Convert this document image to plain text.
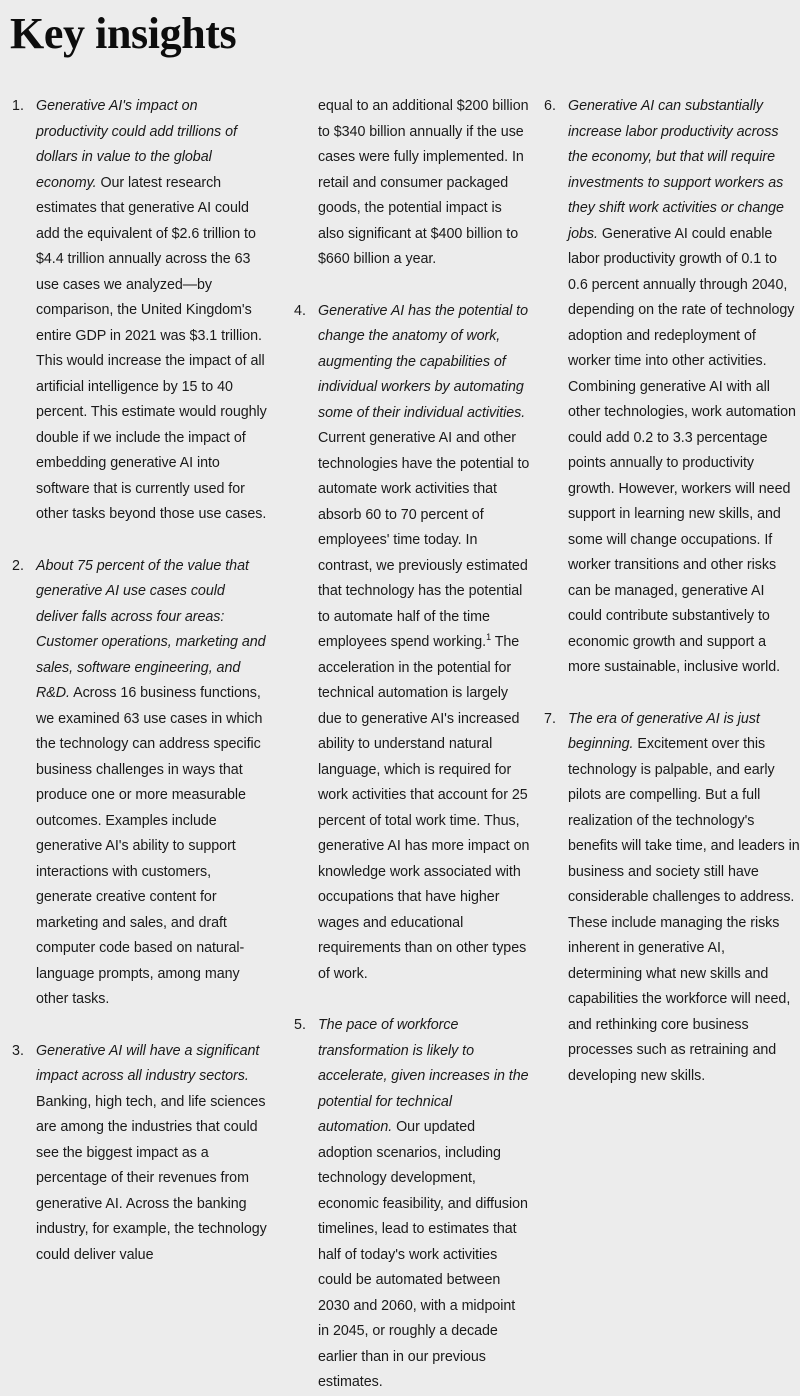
Key insights
1. Generative AI's impact on productivity could add trillions of dollars in value to the global economy. Our latest research estimates that generative AI could add the equivalent of $2.6 trillion to $4.4 trillion annually across the 63 use cases we analyzed—by comparison, the United Kingdom's entire GDP in 2021 was $3.1 trillion. This would increase the impact of all artificial intelligence by 15 to 40 percent. This estimate would roughly double if we include the impact of embedding generative AI into software that is currently used for other tasks beyond those use cases.
2. About 75 percent of the value that generative AI use cases could deliver falls across four areas: Customer operations, marketing and sales, software engineering, and R&D. Across 16 business functions, we examined 63 use cases in which the technology can address specific business challenges in ways that produce one or more measurable outcomes. Examples include generative AI's ability to support interactions with customers, generate creative content for marketing and sales, and draft computer code based on natural-language prompts, among many other tasks.
3. Generative AI will have a significant impact across all industry sectors. Banking, high tech, and life sciences are among the industries that could see the biggest impact as a percentage of their revenues from generative AI. Across the banking industry, for example, the technology could deliver value
equal to an additional $200 billion to $340 billion annually if the use cases were fully implemented. In retail and consumer packaged goods, the potential impact is also significant at $400 billion to $660 billion a year.
4. Generative AI has the potential to change the anatomy of work, augmenting the capabilities of individual workers by automating some of their individual activities. Current generative AI and other technologies have the potential to automate work activities that absorb 60 to 70 percent of employees' time today. In contrast, we previously estimated that technology has the potential to automate half of the time employees spend working.$^1$ The acceleration in the potential for technical automation is largely due to generative AI's increased ability to understand natural language, which is required for work activities that account for 25 percent of total work time. Thus, generative AI has more impact on knowledge work associated with occupations that have higher wages and educational requirements than on other types of work.
5. The pace of workforce transformation is likely to accelerate, given increases in the potential for technical automation. Our updated adoption scenarios, including technology development, economic feasibility, and diffusion timelines, lead to estimates that half of today's work activities could be automated between 2030 and 2060, with a midpoint in 2045, or roughly a decade earlier than in our previous estimates.
6. Generative AI can substantially increase labor productivity across the economy, but that will require investments to support workers as they shift work activities or change jobs. Generative AI could enable labor productivity growth of 0.1 to 0.6 percent annually through 2040, depending on the rate of technology adoption and redeployment of worker time into other activities. Combining generative AI with all other technologies, work automation could add 0.2 to 3.3 percentage points annually to productivity growth. However, workers will need support in learning new skills, and some will change occupations. If worker transitions and other risks can be managed, generative AI could contribute substantively to economic growth and support a more sustainable, inclusive world.
7. The era of generative AI is just beginning. Excitement over this technology is palpable, and early pilots are compelling. But a full realization of the technology's benefits will take time, and leaders in business and society still have considerable challenges to address. These include managing the risks inherent in generative AI, determining what new skills and capabilities the workforce will need, and rethinking core business processes such as retraining and developing new skills.
